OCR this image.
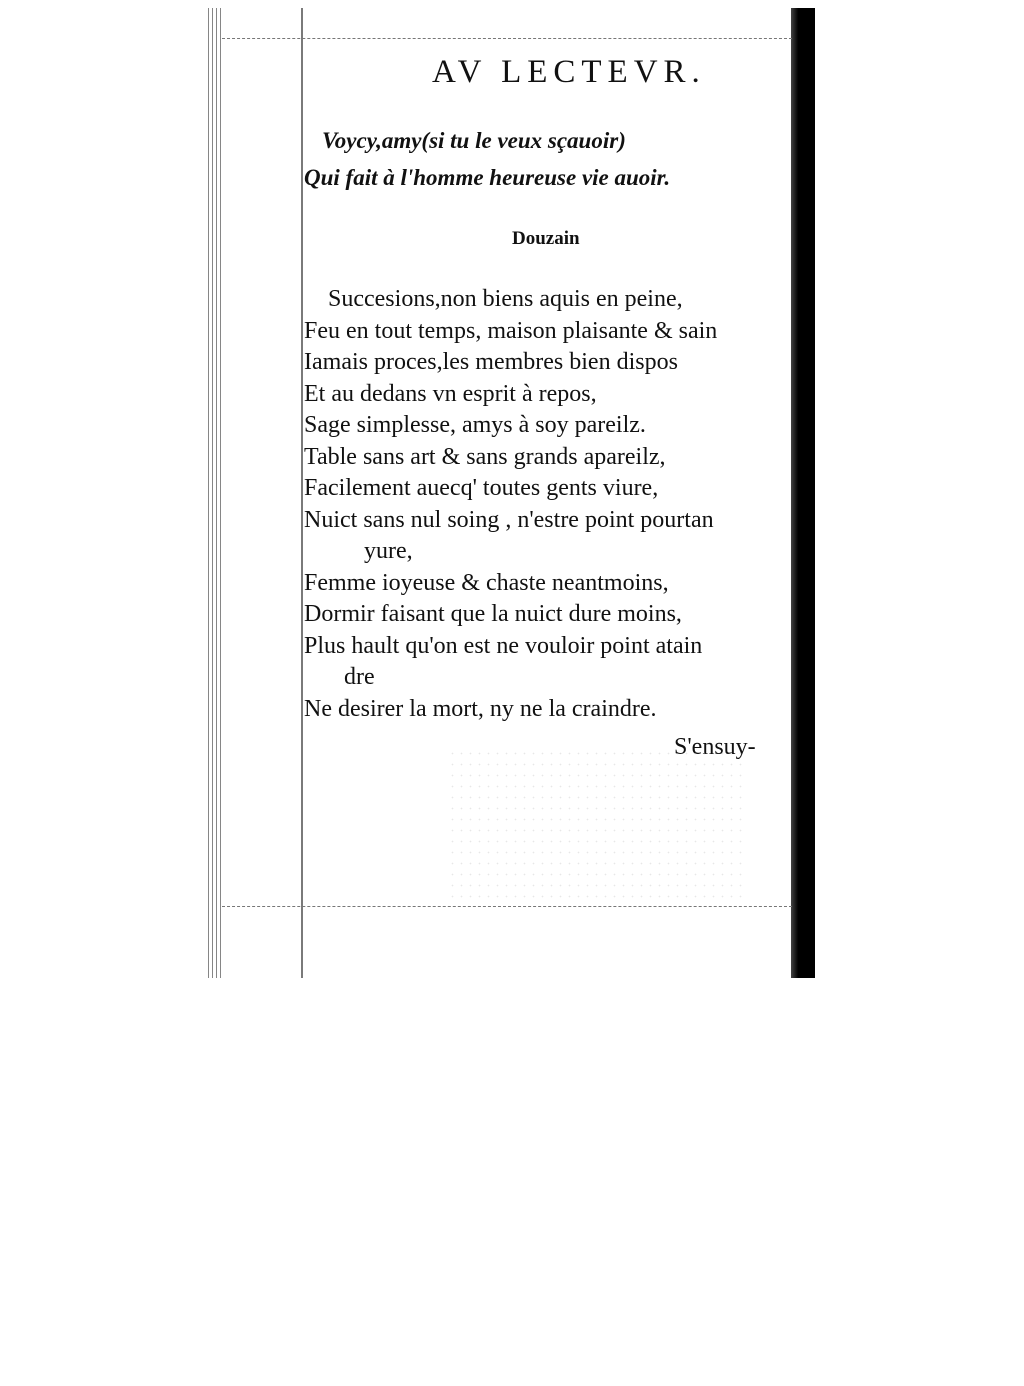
AV LECTEVR.
Voycy,amy(si tu le veux sçauoir)
Qui fait à l'homme heureuse vie auoir.
Douzain
Succesions,non biens aquis en peine,
Feu en tout temps, maison plaisante & sain
Iamais proces,les membres bien dispos
Et au dedans vn esprit à repos,
Sage simplesse, amys à soy pareilz.
Table sans art & sans grands apareilz,
Facilement auecq' toutes gents viure,
Nuict sans nul soing , n'estre point pourtan
yure,
Femme ioyeuse & chaste neantmoins,
Dormir faisant que la nuict dure moins,
Plus hault qu'on est ne vouloir point atain
dre
Ne desirer la mort, ny ne la craindre.
S'ensuy-
